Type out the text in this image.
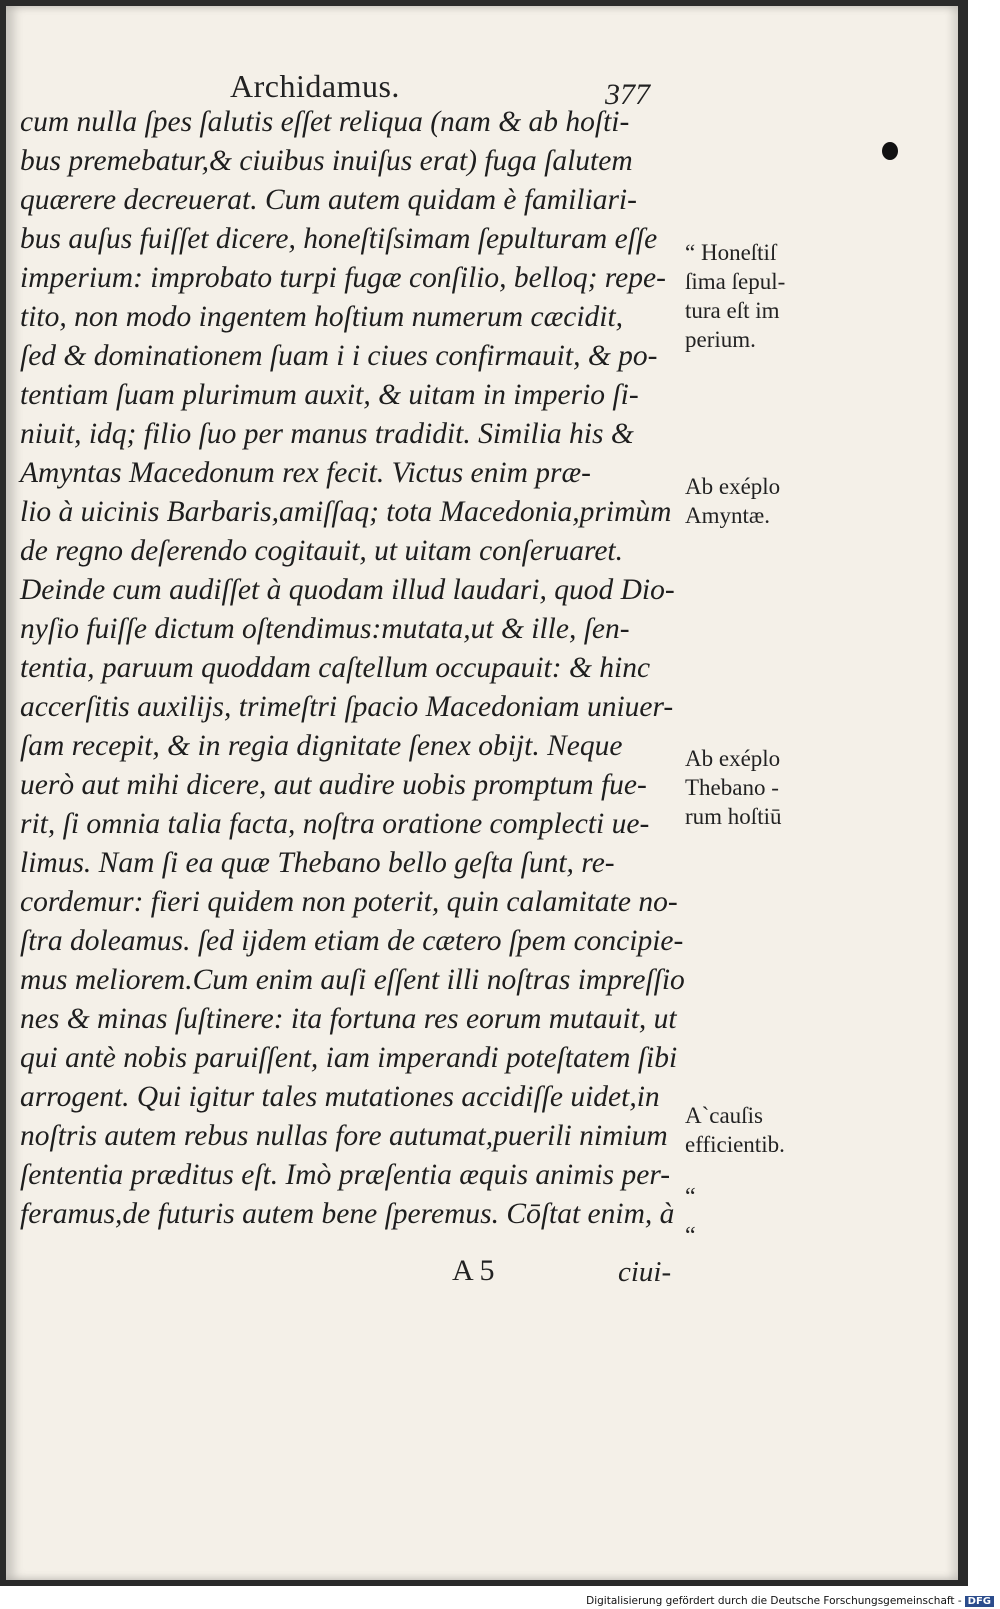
Archidamus.	377
cum nulla ſpes ſalutis eſſet reliqua (nam & ab hoſti-
bus premebatur,& ciuibus inuiſus erat) fuga ſalutem
quærere decreuerat. Cum autem quidam è familiari-
bus auſus fuiſſet dicere, honeſtiſsimam ſepulturam eſſe
imperium: improbato turpi fugæ conſilio, belloq; repe-
tito, non modo ingentem hoſtium numerum cæcidit,
ſed & dominationem ſuam i i ciues confirmauit, & po-
tentiam ſuam plurimum auxit, & uitam in imperio ſi-
niuit, idq; filio ſuo per manus tradidit. Similia his &
Amyntas Macedonum rex fecit. Victus enim præ-
lio à uicinis Barbaris,amiſſaq; tota Macedonia,primùm
de regno deſerendo cogitauit, ut uitam conſeruaret.
Deinde cum audiſſet à quodam illud laudari, quod Dio-
nyſio fuiſſe dictum oſtendimus:mutata,ut & ille, ſen-
tentia, paruum quoddam caſtellum occupauit: & hinc
accerſitis auxilijs, trimeſtri ſpacio Macedoniam uniuer-
ſam recepit, & in regia dignitate ſenex obijt. Neque
uerò aut mihi dicere, aut audire uobis promptum fue-
rit, ſi omnia talia facta, noſtra oratione complecti ue-
limus. Nam ſi ea quæ Thebano bello geſta ſunt, re-
cordemur: fieri quidem non poterit, quin calamitate no-
ſtra doleamus. ſed ijdem etiam de cætero ſpem concipie-
mus meliorem.Cum enim auſi eſſent illi noſtras impreſſio
nes & minas ſuſtinere: ita fortuna res eorum mutauit, ut
qui antè nobis paruiſſent, iam imperandi poteſtatem ſibi
arrogent. Qui igitur tales mutationes accidiſſe uidet,in
noſtris autem rebus nullas fore autumat,puerili nimium
ſententia præditus eſt. Imò præſentia æquis animis per-
feramus,de futuris autem bene ſperemus. Cōſtat enim, à
“ Honeſtiſ
ſima ſepul-
tura eſt im
perium.
Ab exéplo
Amyntæ.
Ab exéplo
Thebano -
rum hoſtiū
A`cauſis
efficientib.
“
“
A 5	ciui-
Digitalisierung gefördert durch die Deutsche Forschungsgemeinschaft - DFG
